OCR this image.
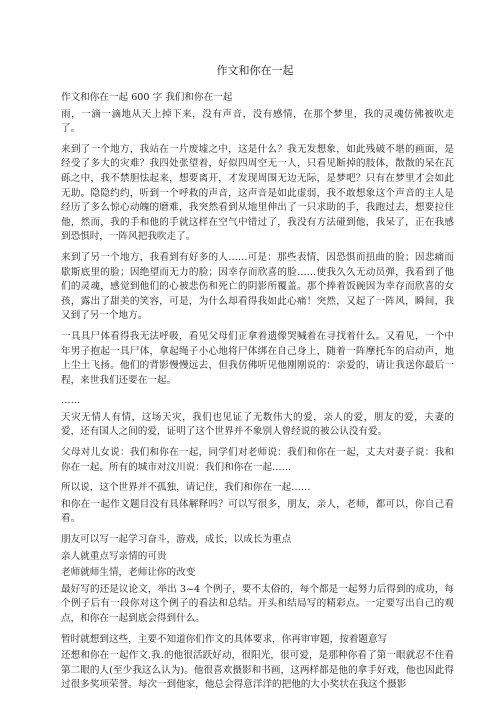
作文和你在一起

作文和你在一起 600 字 我们和你在一起

雨，一滴一滴地从天上掉下来，没有声音，没有感情，在那个梦里，我的灵魂仿佛被吹走了。

来到了一个地方，我站在一片废墟之中，这是什么？我无发想象，如此残破不堪的画面，是经受了多大的灾难？我四处张望着，好似四周空无一人，只看见断掉的肢体，散散的呆在瓦砾之中，我不禁胆怯起来，想要离开，才发现周围无边无际，是梦吧？只有在梦里才会如此无助。隐隐约约，听到一个呼救的声音，这声音是如此虚弱，我不敢想象这个声音的主人是经历了多么惊心动魄的磨难，我突然看到从地里伸出了一只求助的手，我跑过去，想要拉住他，然而，我的手和他的手就这样在空气中错过了，我没有方法碰到他，我呆了，正在我感到恐惧时，一阵风把我吹走了。

来到了另一个地方，我看到有好多的人……可是：那些表情，因恐惧而扭曲的脸；因悲痛而歇斯底里的脸；因绝望而无力的脸；因幸存而欣喜的脸……使我久久无动员弹，我看到了他们的灵魂，感觉到他们的心被悲伤和死亡的阴影所覆盖。那个捧着饭碗因为幸存而欣喜的女孩，露出了甜美的笑容，可是，为什么却看得我如此心痛！突然，又起了一阵风，瞬间，我又到了另一个地方。

一具具尸体看得我无法呼吸，看见父母们正拿着遗像哭喊着在寻找着什么。又看见，一个中年男子抱起一具尸体，拿起绳子小心地将尸体绑在自己身上，随着一阵摩托车的启动声，地上尘土飞扬。他们的背影慢慢远去，但我仿佛听见他刚刚说的：亲爱的，请让我送你最后一程，来世我们还要在一起。

……

天灾无情人有情，这场天灾，我们也见证了无数伟大的爱，亲人的爱，朋友的爱，夫妻的爱，还有国人之间的爱，证明了这个世界并不象别人曾经说的被公认没有爱。

父母对儿女说：我们和你在一起，同学们对老师说：我们和你在一起，丈夫对妻子说：我和你在一起。所有的城市对汶川说：我们和你在一起……

所以说，这个世界并不孤独，请记住，我们和你在一起……

和你在一起作文题目没有具体解释吗？可以写很多，朋友，亲人，老师，都可以，你自己看看。

朋友可以写一起学习奋斗，游戏，成长，以成长为重点

亲人就重点写亲情的可贵

老师就师生情，老师让你的改变

最好写的还是议论文，举出 3~4 个例子，要不太俗的，每个都是一起努力后得到的成功，每个例子后有一段你对这个例子的看法和总结。开头和结局写的精彩点。一定要写出自己的观点，和你在一起到底会得到什么。

暂时就想到这些，主要不知道你们作文的具体要求，你再审审题，按着题意写

还想和你在一起作文.我.的他很活跃好动，很阳光，很可爱，是那种你看了第一眼就忍不住看第二眼的人(至少我这么认为)。他很喜欢摄影和书画，这两样都是他的拿手好戏，他也因此得过很多奖项荣誉。每次一到他家，他总会得意洋洋的把他的大小奖状在我这个摄影
